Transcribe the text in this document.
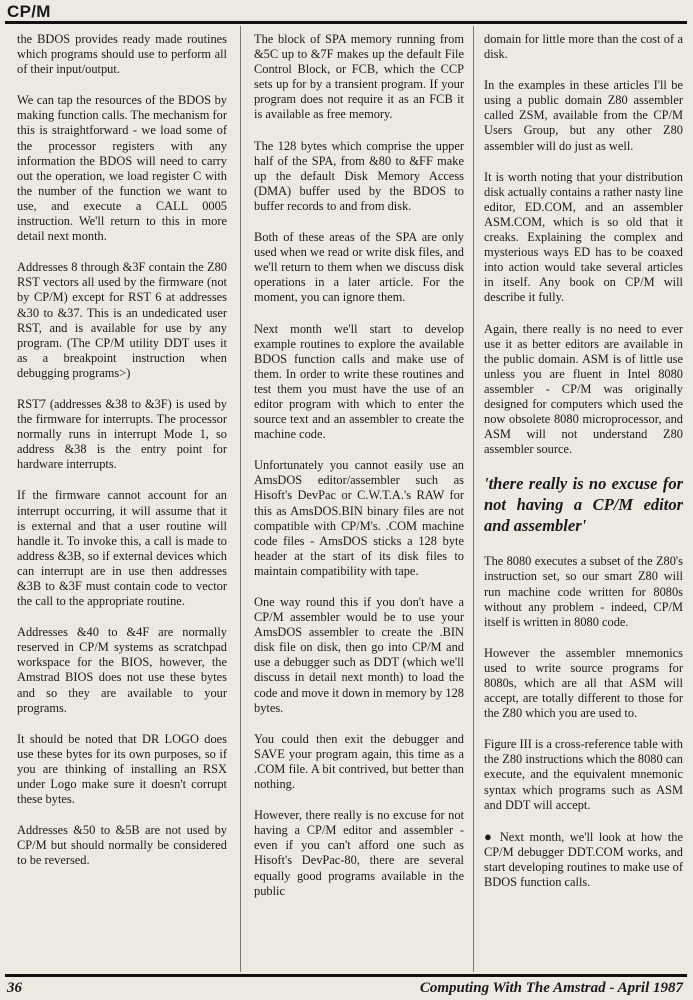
CP/M

the BDOS provides ready made routines which programs should use to perform all of their input/output.

We can tap the resources of the BDOS by making function calls. The mechanism for this is straightforward - we load some of the processor registers with any information the BDOS will need to carry out the operation, we load register C with the number of the function we want to use, and execute a CALL 0005 instruction. We'll return to this in more detail next month.

Addresses 8 through &3F contain the Z80 RST vectors all used by the firmware (not by CP/M) except for RST 6 at addresses &30 to &37. This is an undedicated user RST, and is available for use by any program. (The CP/M utility DDT uses it as a breakpoint instruction when debugging programs>)

RST7 (addresses &38 to &3F) is used by the firmware for interrupts. The processor normally runs in interrupt Mode 1, so address &38 is the entry point for hardware interrupts.

If the firmware cannot account for an interrupt occurring, it will assume that it is external and that a user routine will handle it. To invoke this, a call is made to address &3B, so if external devices which can interrupt are in use then addresses &3B to &3F must contain code to vector the call to the appropriate routine.

Addresses &40 to &4F are normally reserved in CP/M systems as scratchpad workspace for the BIOS, however, the Amstrad BIOS does not use these bytes and so they are available to your programs.

It should be noted that DR LOGO does use these bytes for its own purposes, so if you are thinking of installing an RSX under Logo make sure it doesn't corrupt these bytes.

Addresses &50 to &5B are not used by CP/M but should normally be considered to be reversed.

The block of SPA memory running from &5C up to &7F makes up the default File Control Block, or FCB, which the CCP sets up for by a transient program. If your program does not require it as an FCB it is available as free memory.

The 128 bytes which comprise the upper half of the SPA, from &80 to &FF make up the default Disk Memory Access (DMA) buffer used by the BDOS to buffer records to and from disk.

Both of these areas of the SPA are only used when we read or write disk files, and we'll return to them when we discuss disk operations in a later article. For the moment, you can ignore them.

Next month we'll start to develop example routines to explore the available BDOS function calls and make use of them. In order to write these routines and test them you must have the use of an editor program with which to enter the source text and an assembler to create the machine code.

Unfortunately you cannot easily use an AmsDOS editor/assembler such as Hisoft's DevPac or C.W.T.A.'s RAW for this as AmsDOS.BIN binary files are not compatible with CP/M's. .COM machine code files - AmsDOS sticks a 128 byte header at the start of its disk files to maintain compatibility with tape.

One way round this if you don't have a CP/M assembler would be to use your AmsDOS assembler to create the .BIN disk file on disk, then go into CP/M and use a debugger such as DDT (which we'll discuss in detail next month) to load the code and move it down in memory by 128 bytes.

You could then exit the debugger and SAVE your program again, this time as a .COM file. A bit contrived, but better than nothing.

However, there really is no excuse for not having a CP/M editor and assembler - even if you can't afford one such as Hisoft's DevPac-80, there are several equally good programs available in the public

domain for little more than the cost of a disk.

In the examples in these articles I'll be using a public domain Z80 assembler called ZSM, available from the CP/M Users Group, but any other Z80 assembler will do just as well.

It is worth noting that your distribution disk actually contains a rather nasty line editor, ED.COM, and an assembler ASM.COM, which is so old that it creaks. Explaining the complex and mysterious ways ED has to be coaxed into action would take several articles in itself. Any book on CP/M will describe it fully.

Again, there really is no need to ever use it as better editors are available in the public domain. ASM is of little use unless you are fluent in Intel 8080 assembler - CP/M was originally designed for computers which used the now obsolete 8080 microprocessor, and ASM will not understand Z80 assembler source.

'there really is no excuse for not having a CP/M editor and assembler'

The 8080 executes a subset of the Z80's instruction set, so our smart Z80 will run machine code written for 8080s without any problem - indeed, CP/M itself is written in 8080 code.

However the assembler mnemonics used to write source programs for 8080s, which are all that ASM will accept, are totally different to those for the Z80 which you are used to.

Figure III is a cross-reference table with the Z80 instructions which the 8080 can execute, and the equivalent mnemonic syntax which programs such as ASM and DDT will accept.

● Next month, we'll look at how the CP/M debugger DDT.COM works, and start developing routines to make use of BDOS function calls.

36	Computing With The Amstrad - April 1987
